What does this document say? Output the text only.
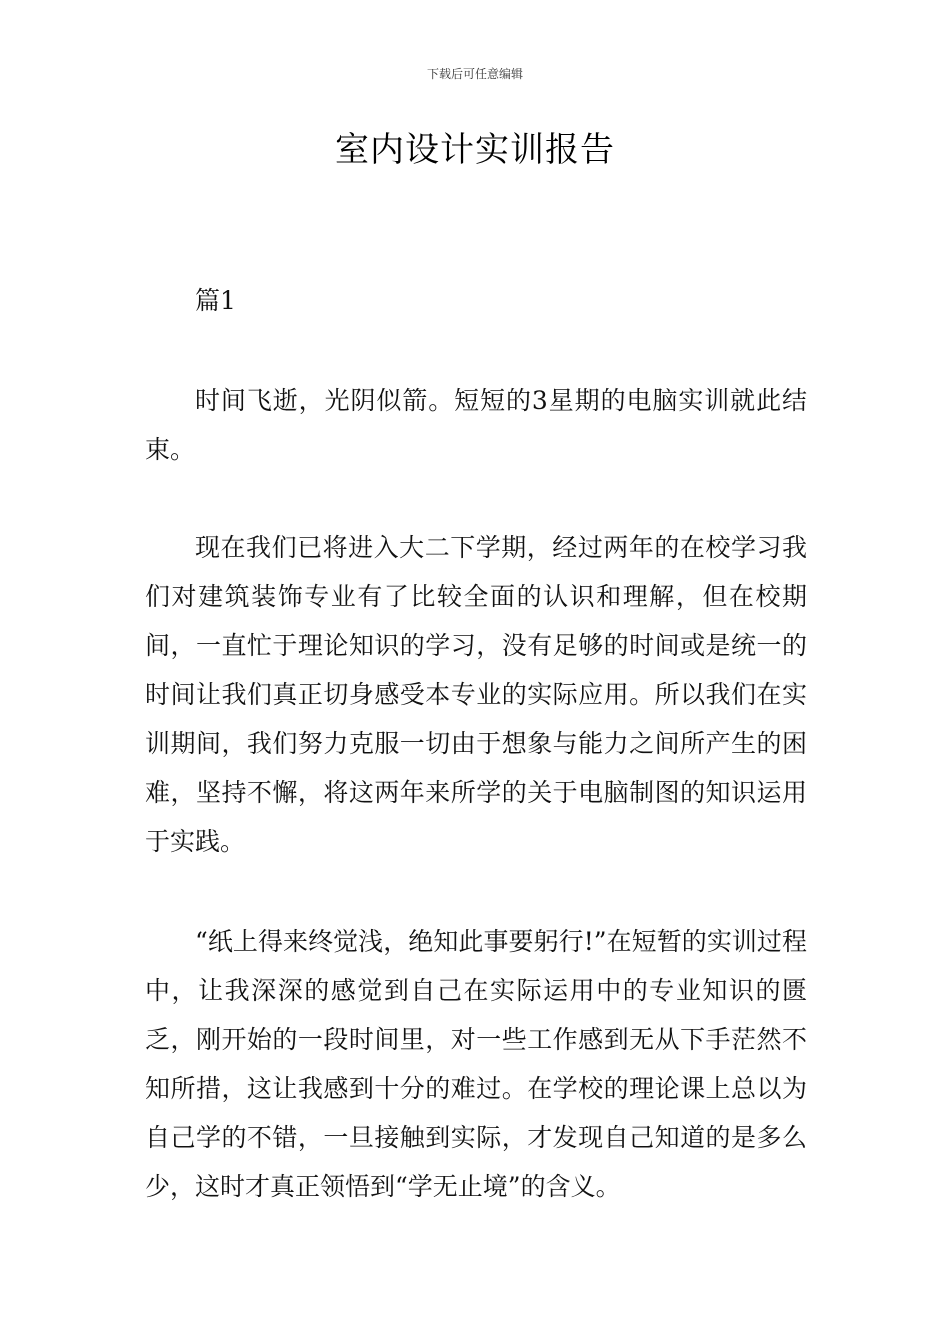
下载后可任意编辑
室内设计实训报告

篇1

时间飞逝，光阴似箭。短短的3星期的电脑实训就此结束。

现在我们已将进入大二下学期，经过两年的在校学习我们对建筑装饰专业有了比较全面的认识和理解，但在校期间，一直忙于理论知识的学习，没有足够的时间或是统一的时间让我们真正切身感受本专业的实际应用。所以我们在实训期间，我们努力克服一切由于想象与能力之间所产生的困难，坚持不懈，将这两年来所学的关于电脑制图的知识运用于实践。

“纸上得来终觉浅，绝知此事要躬行!”在短暂的实训过程中，让我深深的感觉到自己在实际运用中的专业知识的匮乏，刚开始的一段时间里，对一些工作感到无从下手茫然不知所措，这让我感到十分的难过。在学校的理论课上总以为自己学的不错，一旦接触到实际，才发现自己知道的是多么少，这时才真正领悟到“学无止境”的含义。
